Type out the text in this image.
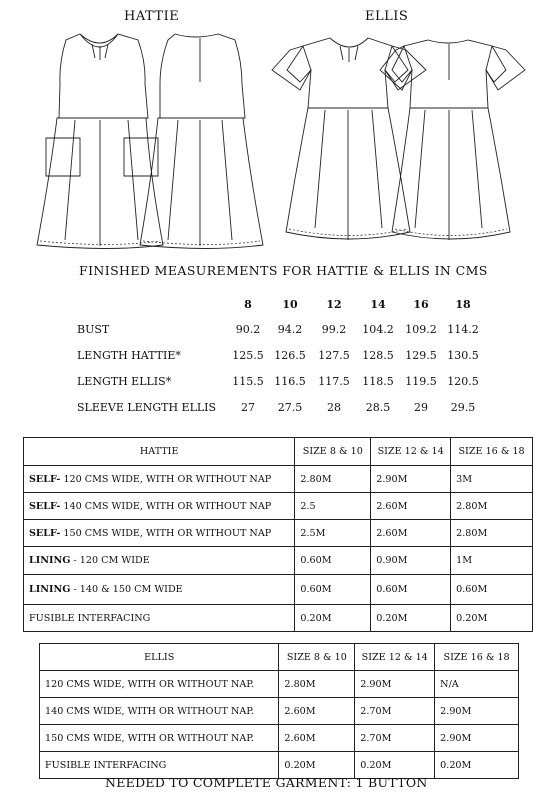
HATTIE	ELLIS
FINISHED MEASUREMENTS FOR HATTIE & ELLIS IN CMS
8	10	12	14	16	18
BUST	90.2	94.2	99.2	104.2	109.2 114.2
LENGTH HATTIE*	125.5 126.5	127.5	128.5	129.5 130.5
LENGTH ELLIS*	115.5 116.5	117.5	118.5	119.5 120.5
SLEEVE LENGTH ELLIS	27	27.5	28	28.5	29	29.5
HATTIE	SIZE 8 & 10	SIZE 12 & 14	SIZE 16 & 18
SELF- 120 CMS WIDE, WITH OR WITHOUT NAP	2.80M	2.90M	3M
SELF- 140 CMS WIDE, WITH OR WITHOUT NAP	2.5	2.60M	2.80M
SELF- 150 CMS WIDE, WITH OR WITHOUT NAP	2.5M	2.60M	2.80M
LINING - 120 CM WIDE	0.60M	0.90M	1M
LINING - 140 & 150 CM WIDE	0.60M	0.60M	0.60M
FUSIBLE INTERFACING	0.20M	0.20M	0.20M
ELLIS	SIZE 8 & 10	SIZE 12 & 14	SIZE 16 & 18
120 CMS WIDE, WITH OR WITHOUT NAP.	2.80M	2.90M	N/A
140 CMS WIDE, WITH OR WITHOUT NAP.	2.60M	2.70M	2.90M
150 CMS WIDE, WITH OR WITHOUT NAP.	2.60M	2.70M	2.90M
FUSIBLE INTERFACING	0.20M	0.20M	0.20M
NEEDED TO COMPLETE GARMENT: 1 BUTTON
